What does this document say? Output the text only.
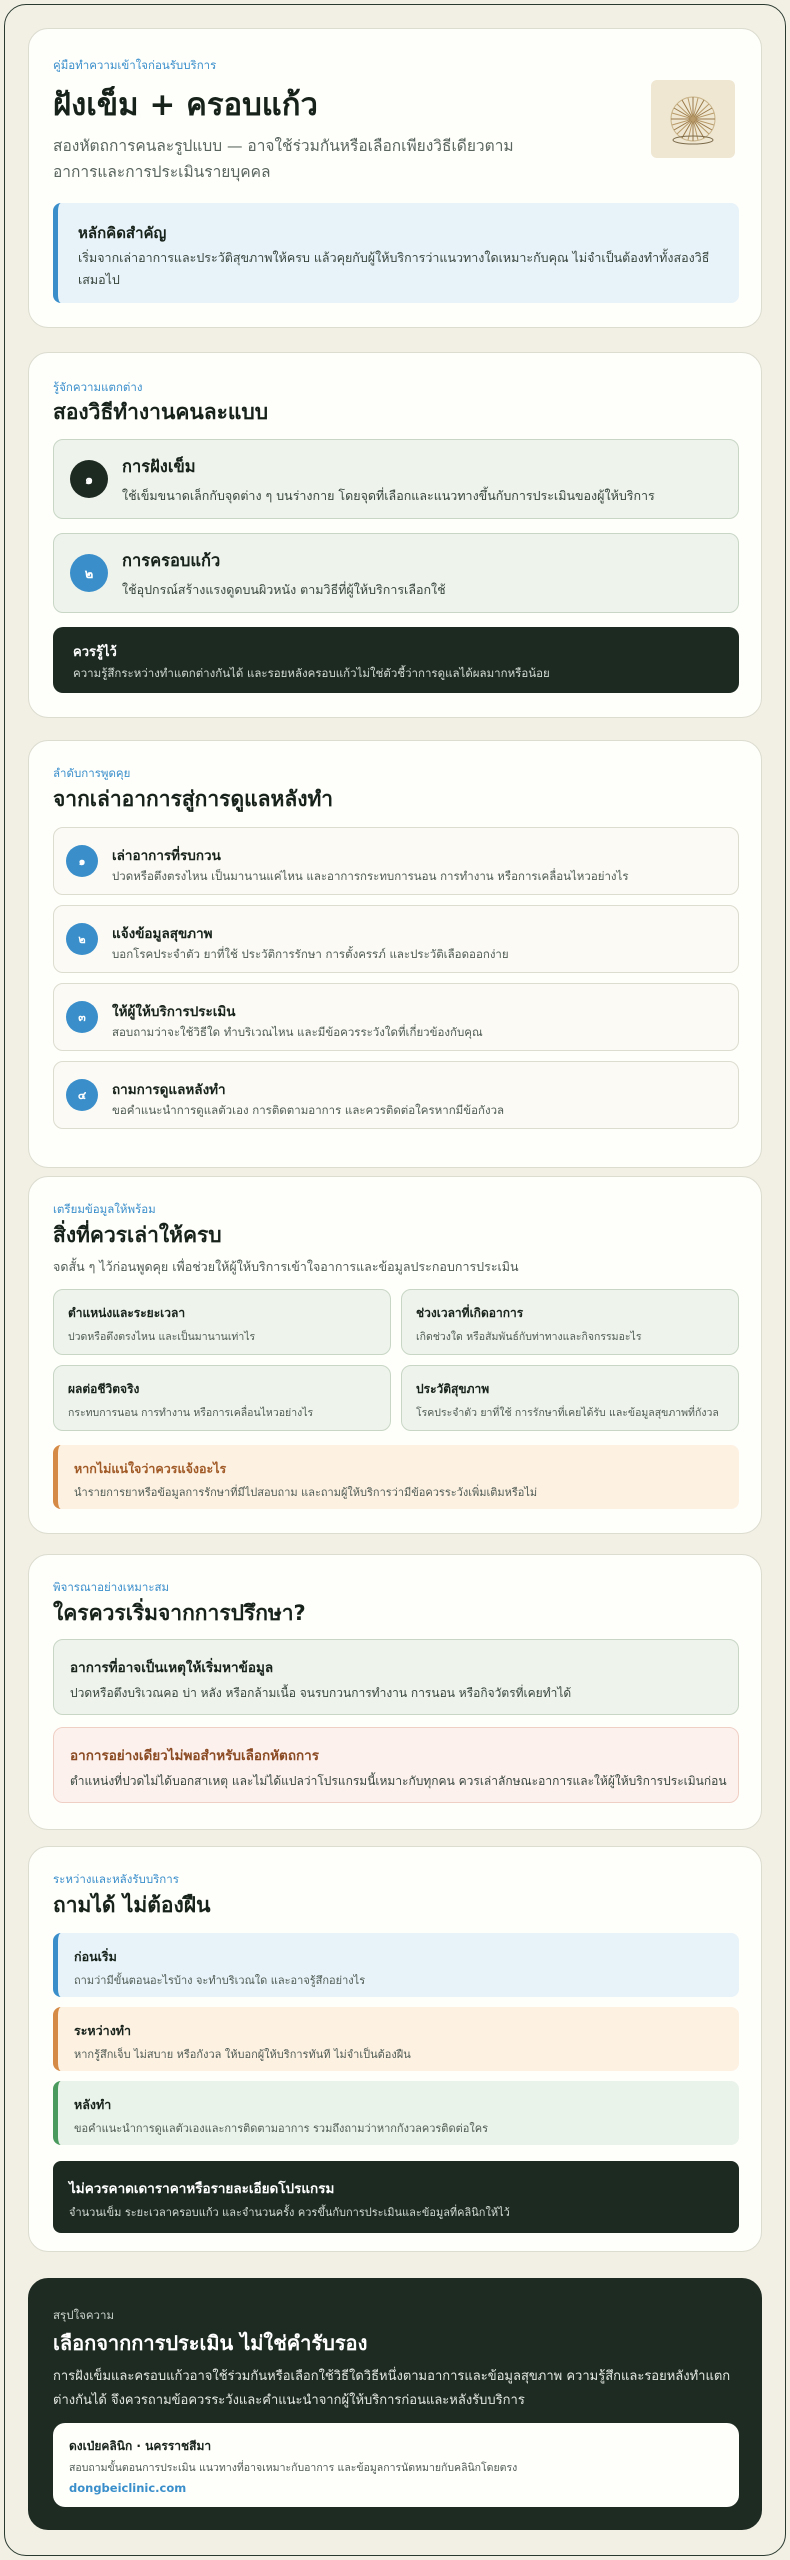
คู่มือทำความเข้าใจก่อนรับบริการ
ฝังเข็ม + ครอบแก้ว

สองหัตถการคนละรูปแบบ — อาจใช้ร่วมกันหรือเลือกเพียงวิธีเดียวตามอาการและการประเมินรายบุคคล

หลักคิดสำคัญ
เริ่มจากเล่าอาการและประวัติสุขภาพให้ครบ แล้วคุยกับผู้ให้บริการว่าแนวทางใดเหมาะกับคุณ ไม่จำเป็นต้องทำทั้งสองวิธีเสมอไป
รู้จักความแตกต่าง
สองวิธีทำงานคนละแบบ
๑
การฝังเข็ม
ใช้เข็มขนาดเล็กกับจุดต่าง ๆ บนร่างกาย โดยจุดที่เลือกและแนวทางขึ้นกับการประเมินของผู้ให้บริการ
๒
การครอบแก้ว
ใช้อุปกรณ์สร้างแรงดูดบนผิวหนัง ตามวิธีที่ผู้ให้บริการเลือกใช้
ควรรู้ไว้
ความรู้สึกระหว่างทำแตกต่างกันได้ และรอยหลังครอบแก้วไม่ใช่ตัวชี้ว่าการดูแลได้ผลมากหรือน้อย
ลำดับการพูดคุย
จากเล่าอาการสู่การดูแลหลังทำ
๑	เล่าอาการที่รบกวน
ปวดหรือตึงตรงไหน เป็นมานานแค่ไหน และอาการกระทบการนอน การทำงาน หรือการเคลื่อนไหวอย่างไร
๒	แจ้งข้อมูลสุขภาพ
บอกโรคประจำตัว ยาที่ใช้ ประวัติการรักษา การตั้งครรภ์ และประวัติเลือดออกง่าย
๓	ให้ผู้ให้บริการประเมิน
สอบถามว่าจะใช้วิธีใด ทำบริเวณไหน และมีข้อควรระวังใดที่เกี่ยวข้องกับคุณ
๔	ถามการดูแลหลังทำ
ขอคำแนะนำการดูแลตัวเอง การติดตามอาการ และควรติดต่อใครหากมีข้อกังวล
เตรียมข้อมูลให้พร้อม
สิ่งที่ควรเล่าให้ครบ
จดสั้น ๆ ไว้ก่อนพูดคุย เพื่อช่วยให้ผู้ให้บริการเข้าใจอาการและข้อมูลประกอบการประเมิน
ตำแหน่งและระยะเวลา
ปวดหรือตึงตรงไหน และเป็นมานานเท่าไร
ช่วงเวลาที่เกิดอาการ
เกิดช่วงใด หรือสัมพันธ์กับท่าทางและกิจกรรมอะไร
ผลต่อชีวิตจริง
กระทบการนอน การทำงาน หรือการเคลื่อนไหวอย่างไร
ประวัติสุขภาพ
โรคประจำตัว ยาที่ใช้ การรักษาที่เคยได้รับ และข้อมูลสุขภาพที่กังวล
หากไม่แน่ใจว่าควรแจ้งอะไร
นำรายการยาหรือข้อมูลการรักษาที่มีไปสอบถาม และถามผู้ให้บริการว่ามีข้อควรระวังเพิ่มเติมหรือไม่
พิจารณาอย่างเหมาะสม
ใครควรเริ่มจากการปรึกษา?
อาการที่อาจเป็นเหตุให้เริ่มหาข้อมูล
ปวดหรือตึงบริเวณคอ บ่า หลัง หรือกล้ามเนื้อ จนรบกวนการทำงาน การนอน หรือกิจวัตรที่เคยทำได้
อาการอย่างเดียวไม่พอสำหรับเลือกหัตถการ
ตำแหน่งที่ปวดไม่ได้บอกสาเหตุ และไม่ได้แปลว่าโปรแกรมนี้เหมาะกับทุกคน ควรเล่าลักษณะอาการและให้ผู้ให้บริการประเมินก่อน
ระหว่างและหลังรับบริการ
ถามได้ ไม่ต้องฝืน
ก่อนเริ่ม
ถามว่ามีขั้นตอนอะไรบ้าง จะทำบริเวณใด และอาจรู้สึกอย่างไร
ระหว่างทำ
หากรู้สึกเจ็บ ไม่สบาย หรือกังวล ให้บอกผู้ให้บริการทันที ไม่จำเป็นต้องฝืน
หลังทำ
ขอคำแนะนำการดูแลตัวเองและการติดตามอาการ รวมถึงถามว่าหากกังวลควรติดต่อใคร
ไม่ควรคาดเดาราคาหรือรายละเอียดโปรแกรม
จำนวนเข็ม ระยะเวลาครอบแก้ว และจำนวนครั้ง ควรขึ้นกับการประเมินและข้อมูลที่คลินิกให้ไว้
สรุปใจความ
เลือกจากการประเมิน ไม่ใช่คำรับรอง

การฝังเข็มและครอบแก้วอาจใช้ร่วมกันหรือเลือกใช้วิธีใดวิธีหนึ่งตามอาการและข้อมูลสุขภาพ ความรู้สึกและรอยหลังทำแตกต่างกันได้ จึงควรถามข้อควรระวังและคำแนะนำจากผู้ให้บริการก่อนและหลังรับบริการ

ดงเป่ยคลินิก · นครราชสีมา
สอบถามขั้นตอนการประเมิน แนวทางที่อาจเหมาะกับอาการ และข้อมูลการนัดหมายกับคลินิกโดยตรง
dongbeiclinic.com
